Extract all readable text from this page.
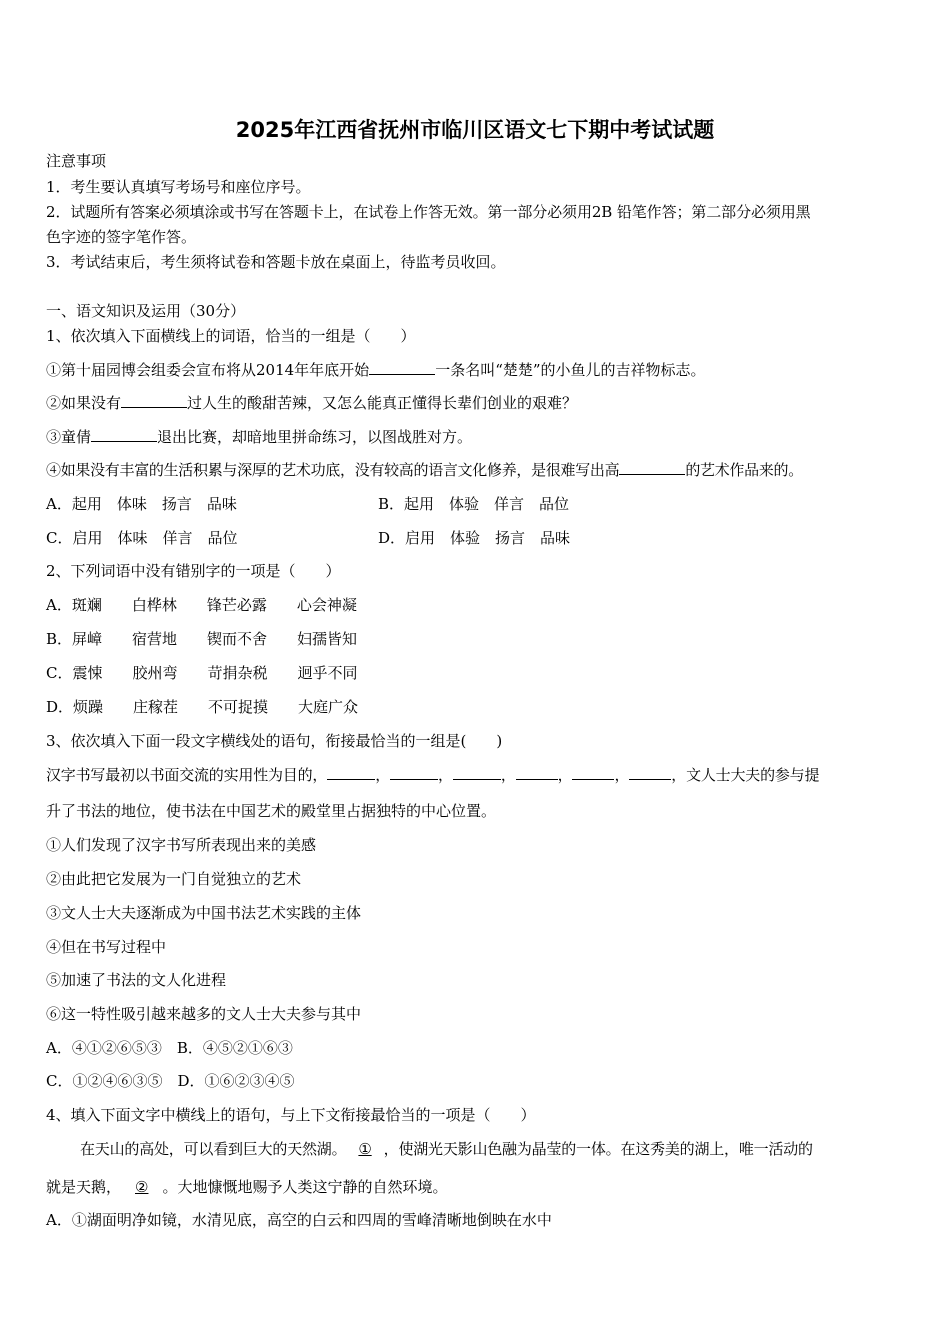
2025年江西省抚州市临川区语文七下期中考试试题
注意事项
1．考生要认真填写考场号和座位序号。
2．试题所有答案必须填涂或书写在答题卡上，在试卷上作答无效。第一部分必须用2B 铅笔作答；第二部分必须用黑
色字迹的签字笔作答。
3．考试结束后，考生须将试卷和答题卡放在桌面上，待监考员收回。
一、语文知识及运用（30分）
1、依次填入下面横线上的词语，恰当的一组是（　　）
①第十届园博会组委会宣布将从2014年年底开始	一条名叫“楚楚”的小鱼儿的吉祥物标志。
②如果没有	过人生的酸甜苦辣，又怎么能真正懂得长辈们创业的艰难？
③童倩	退出比赛，却暗地里拼命练习，以图战胜对方。
④如果没有丰富的生活积累与深厚的艺术功底，没有较高的语言文化修养，是很难写出高	的艺术作品来的。
A．起用　体味　扬言　品味	B．起用　体验　佯言　品位
C．启用　体味　佯言　品位	D．启用　体验　扬言　品味
2、下列词语中没有错别字的一项是（　　）
A．斑斓　　白桦林　　锋芒必露　　心会神凝
B．屏嶂　　宿营地　　锲而不舍　　妇孺皆知
C．震悚　　胶州弯　　苛捐杂税　　迥乎不同
D．烦躁　　庄稼茬　　不可捉摸　　大庭广众
3、依次填入下面一段文字横线处的语句，衔接最恰当的一组是(　　)
汉字书写最初以书面交流的实用性为目的，	，	，	，	，	，	，文人士大夫的参与提
升了书法的地位，使书法在中国艺术的殿堂里占据独特的中心位置。
①人们发现了汉字书写所表现出来的美感
②由此把它发展为一门自觉独立的艺术
③文人士大夫逐渐成为中国书法艺术实践的主体
④但在书写过程中
⑤加速了书法的文人化进程
⑥这一特性吸引越来越多的文人士大夫参与其中
A．④①②⑥⑤③　B．④⑤②①⑥③
C．①②④⑥③⑤　D．①⑥②③④⑤
4、填入下面文字中横线上的语句，与上下文衔接最恰当的一项是（　　）
在天山的高处，可以看到巨大的天然湖。 ① ，使湖光天影山色融为晶莹的一体。在这秀美的湖上，唯一活动的
就是天鹅， ② 。大地慷慨地赐予人类这宁静的自然环境。
A．①湖面明净如镜，水清见底，高空的白云和四周的雪峰清晰地倒映在水中
